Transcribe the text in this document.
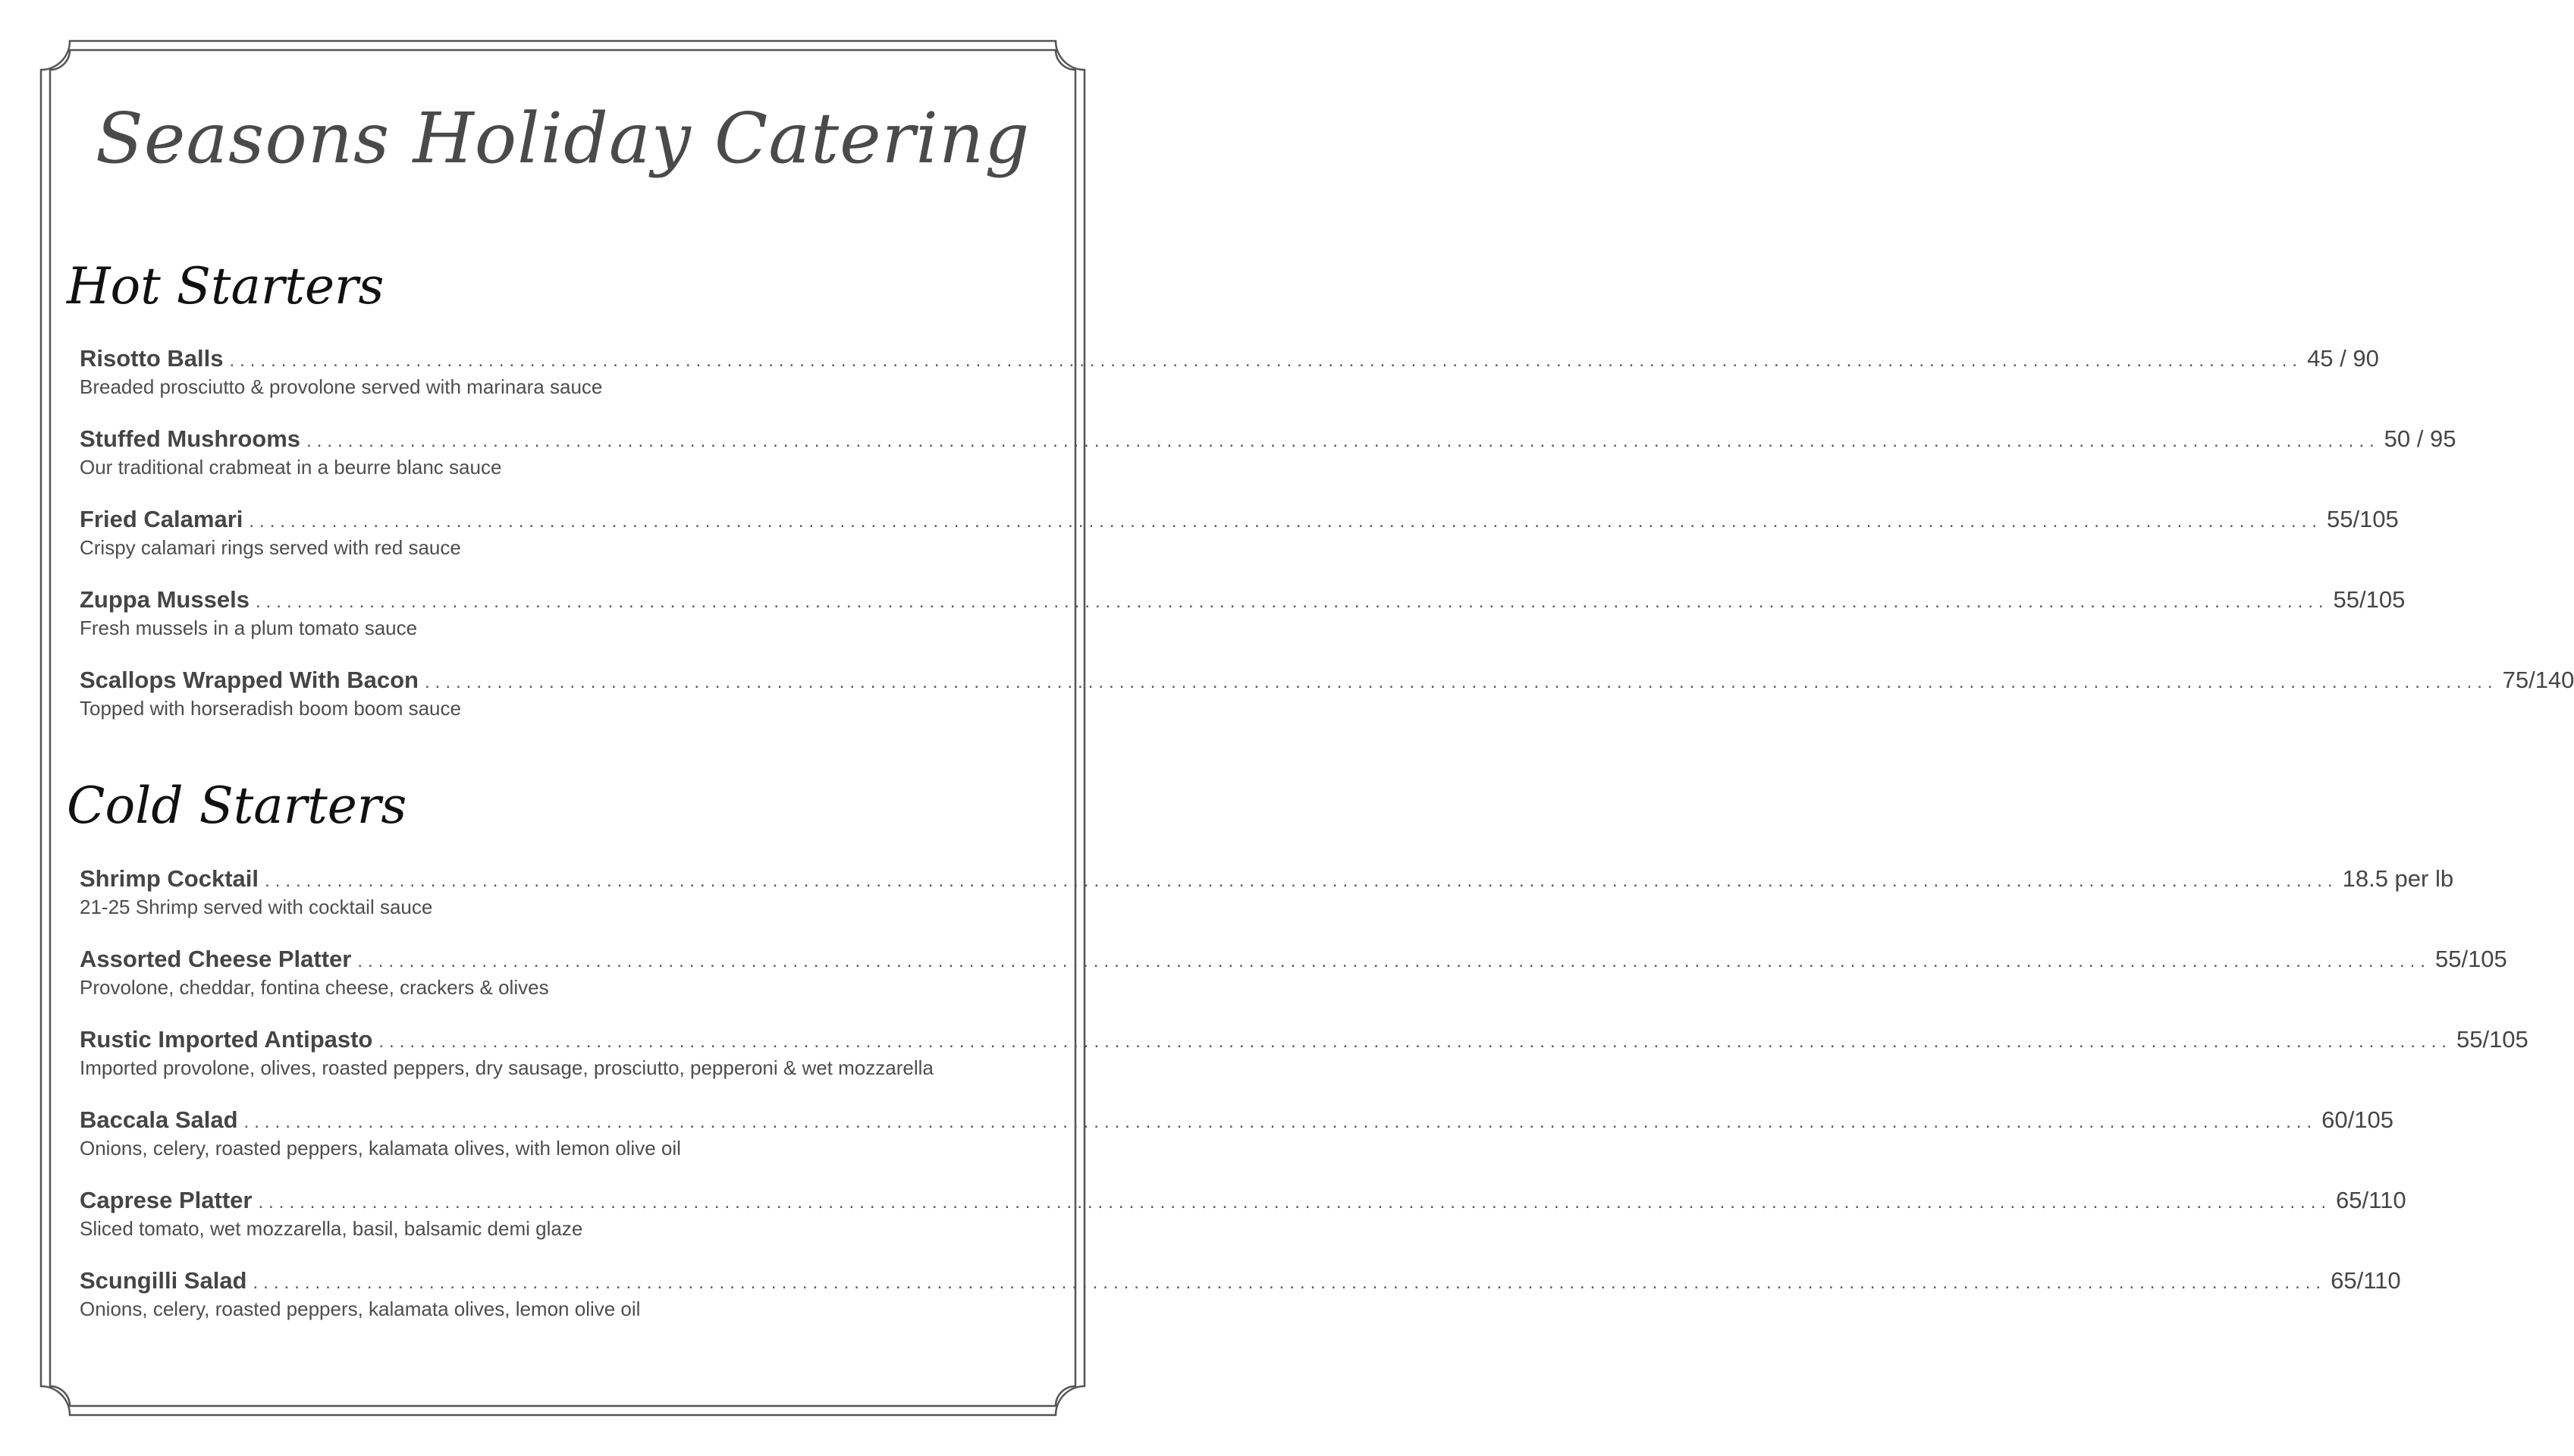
Seasons Holiday Catering
Hot Starters
Cold Starters
Risotto Balls ........................................................................................................................................................................................................ 45 / 90
Breaded prosciutto & provolone served with marinara sauce
Stuffed Mushrooms ........................................................................................................................................................................................................ 50 / 95
Our traditional crabmeat in a beurre blanc sauce
Fried Calamari ........................................................................................................................................................................................................ 55/105
Crispy calamari rings served with red sauce
Zuppa Mussels ........................................................................................................................................................................................................ 55/105
Fresh mussels in a plum tomato sauce
Scallops Wrapped With Bacon ........................................................................................................................................................................................................ 75/140
Topped with horseradish boom boom sauce
Shrimp Cocktail ........................................................................................................................................................................................................ 18.5 per lb
21-25 Shrimp served with cocktail sauce
Assorted Cheese Platter ........................................................................................................................................................................................................ 55/105
Provolone, cheddar, fontina cheese, crackers & olives
Rustic Imported Antipasto ........................................................................................................................................................................................................ 55/105
Imported provolone, olives, roasted peppers, dry sausage, prosciutto, pepperoni & wet mozzarella
Baccala Salad ........................................................................................................................................................................................................ 60/105
Onions, celery, roasted peppers, kalamata olives, with lemon olive oil
Caprese Platter ........................................................................................................................................................................................................ 65/110
Sliced tomato, wet mozzarella, basil, balsamic demi glaze
Scungilli Salad ........................................................................................................................................................................................................ 65/110
Onions, celery, roasted peppers, kalamata olives, lemon olive oil
